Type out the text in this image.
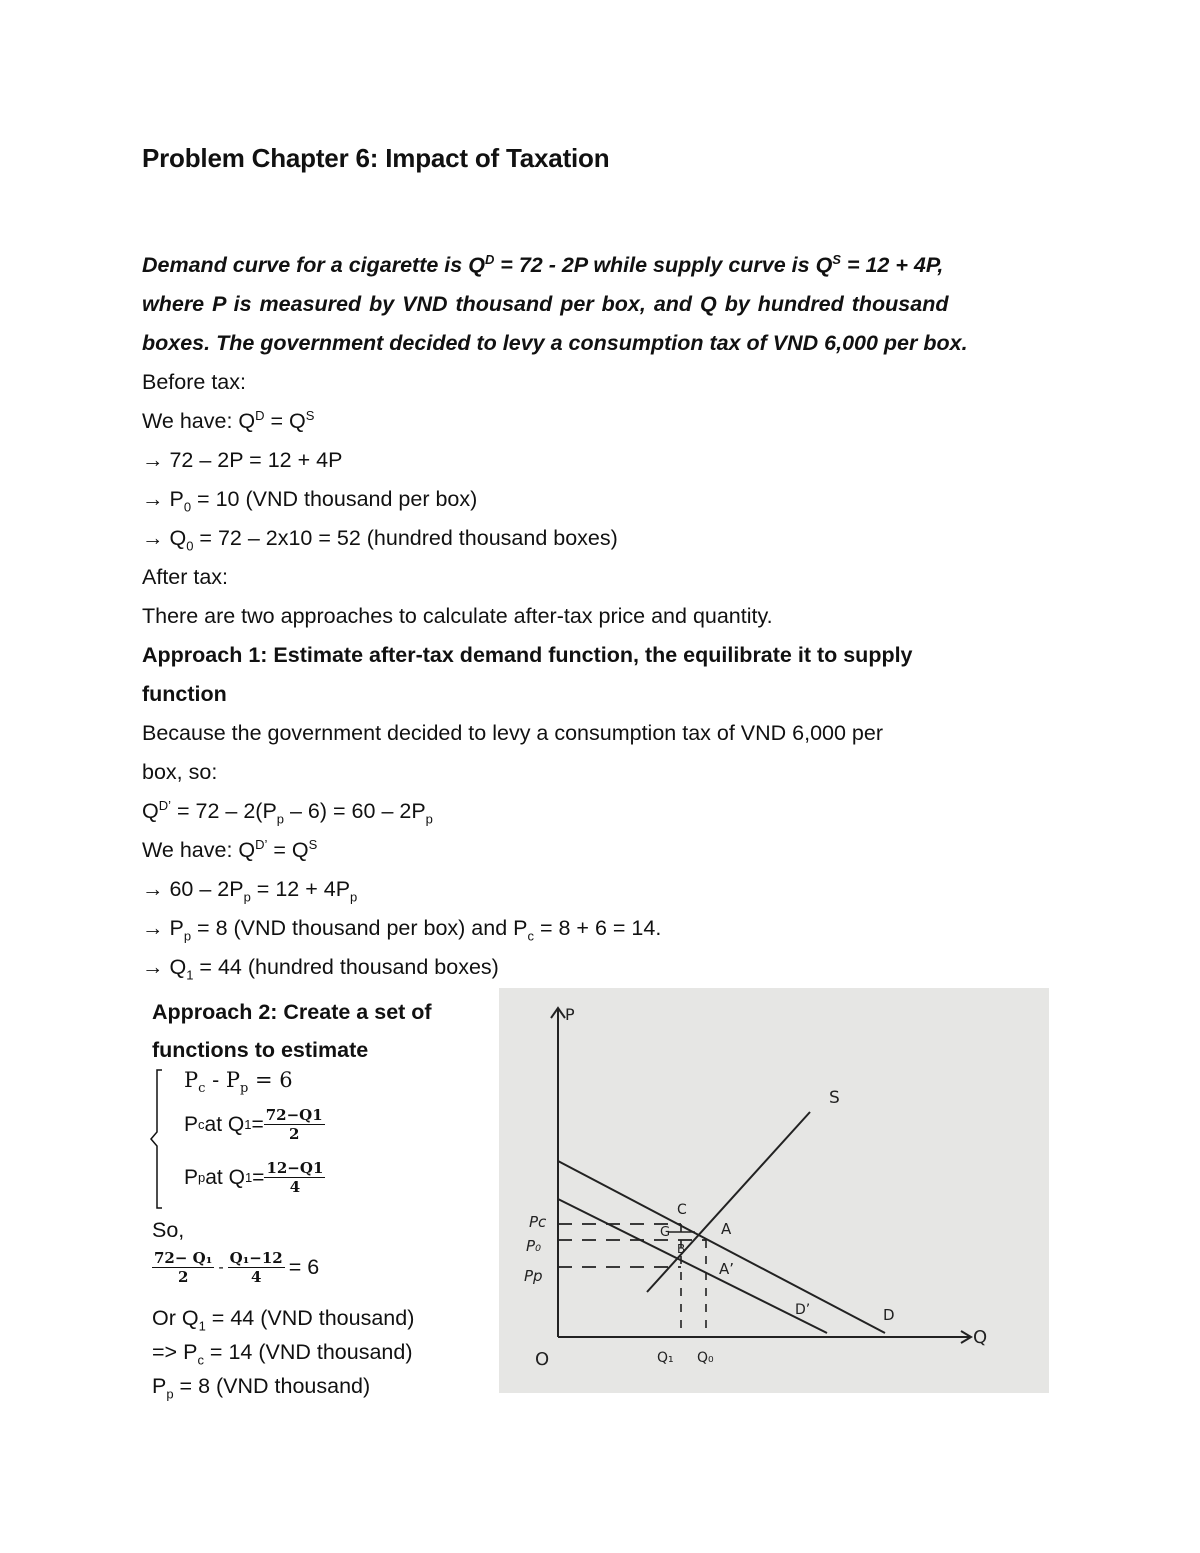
Problem Chapter 6: Impact of Taxation
Demand curve for a cigarette is $Q^D = 72 - 2P$ while supply curve is $Q^S = 12 + 4P$,
where P is measured by VND thousand per box, and Q by hundred thousand
boxes. The government decided to levy a consumption tax of VND 6,000 per box.
Before tax:
We have: $Q^D = Q^S$
→ 72 – 2P = 12 + 4P
→ $P_0 = 10$ (VND thousand per box)
→ $Q_0 = 72 - 2x10 = 52$ (hundred thousand boxes)
After tax:
There are two approaches to calculate after-tax price and quantity.
Approach 1: Estimate after-tax demand function, the equilibrate it to supply
function
Because the government decided to levy a consumption tax of VND 6,000 per
box, so:
$Q^{D’} = 72 - 2(P_p - 6) = 60 - 2P_p$
We have: $Q^{D’} = Q^S$
→ $60 - 2P_p = 12 + 4P_p$
→ $P_p = 8$ (VND thousand per box) and $P_c = 8 + 6 = 14$.
→ $Q_1 = 44$ (hundred thousand boxes)
Approach 2: Create a set of
functions to estimate
$P_c - P_p = 6$
P c at Q $1 = \frac{72-Q1}{2}$
P p at Q $1 = \frac{12-Q1}{4}$
So,
$\frac{\text{72− Q₁}}{2} - \frac{\text{Q₁−12}}{4} = 6$
Or $Q_1 = 44$ (VND thousand)
=> $P_c = 14$ (VND thousand)
$P_p = 8$ (VND thousand)
P
Q
O
S
D
D’
A
A’
C
G
B
Pc
P₀
Pp
Q₁ Q₀
